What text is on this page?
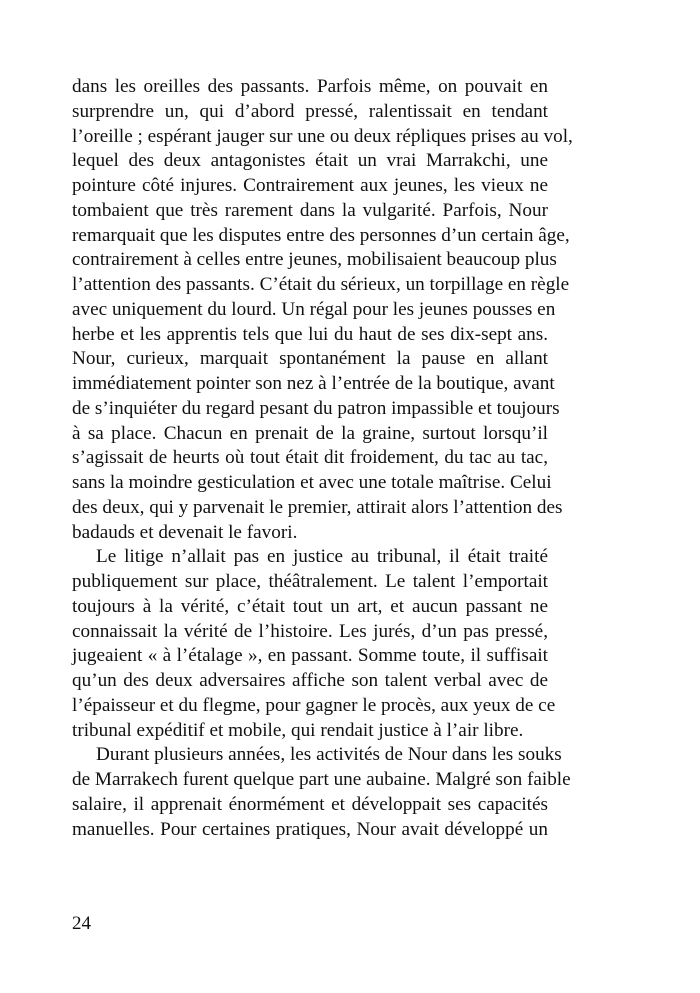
dans les oreilles des passants. Parfois même, on pouvait en
surprendre un, qui d’abord pressé, ralentissait en tendant
l’oreille ; espérant jauger sur une ou deux répliques prises au vol,
lequel des deux antagonistes était un vrai Marrakchi, une
pointure côté injures. Contrairement aux jeunes, les vieux ne
tombaient que très rarement dans la vulgarité. Parfois, Nour
remarquait que les disputes entre des personnes d’un certain âge,
contrairement à celles entre jeunes, mobilisaient beaucoup plus
l’attention des passants. C’était du sérieux, un torpillage en règle
avec uniquement du lourd. Un régal pour les jeunes pousses en
herbe et les apprentis tels que lui du haut de ses dix-sept ans.
Nour, curieux, marquait spontanément la pause en allant
immédiatement pointer son nez à l’entrée de la boutique, avant
de s’inquiéter du regard pesant du patron impassible et toujours
à sa place. Chacun en prenait de la graine, surtout lorsqu’il
s’agissait de heurts où tout était dit froidement, du tac au tac,
sans la moindre gesticulation et avec une totale maîtrise. Celui
des deux, qui y parvenait le premier, attirait alors l’attention des
badauds et devenait le favori.
Le litige n’allait pas en justice au tribunal, il était traité
publiquement sur place, théâtralement. Le talent l’emportait
toujours à la vérité, c’était tout un art, et aucun passant ne
connaissait la vérité de l’histoire. Les jurés, d’un pas pressé,
jugeaient « à l’étalage », en passant. Somme toute, il suffisait
qu’un des deux adversaires affiche son talent verbal avec de
l’épaisseur et du flegme, pour gagner le procès, aux yeux de ce
tribunal expéditif et mobile, qui rendait justice à l’air libre.
Durant plusieurs années, les activités de Nour dans les souks
de Marrakech furent quelque part une aubaine. Malgré son faible
salaire, il apprenait énormément et développait ses capacités
manuelles. Pour certaines pratiques, Nour avait développé un
24
